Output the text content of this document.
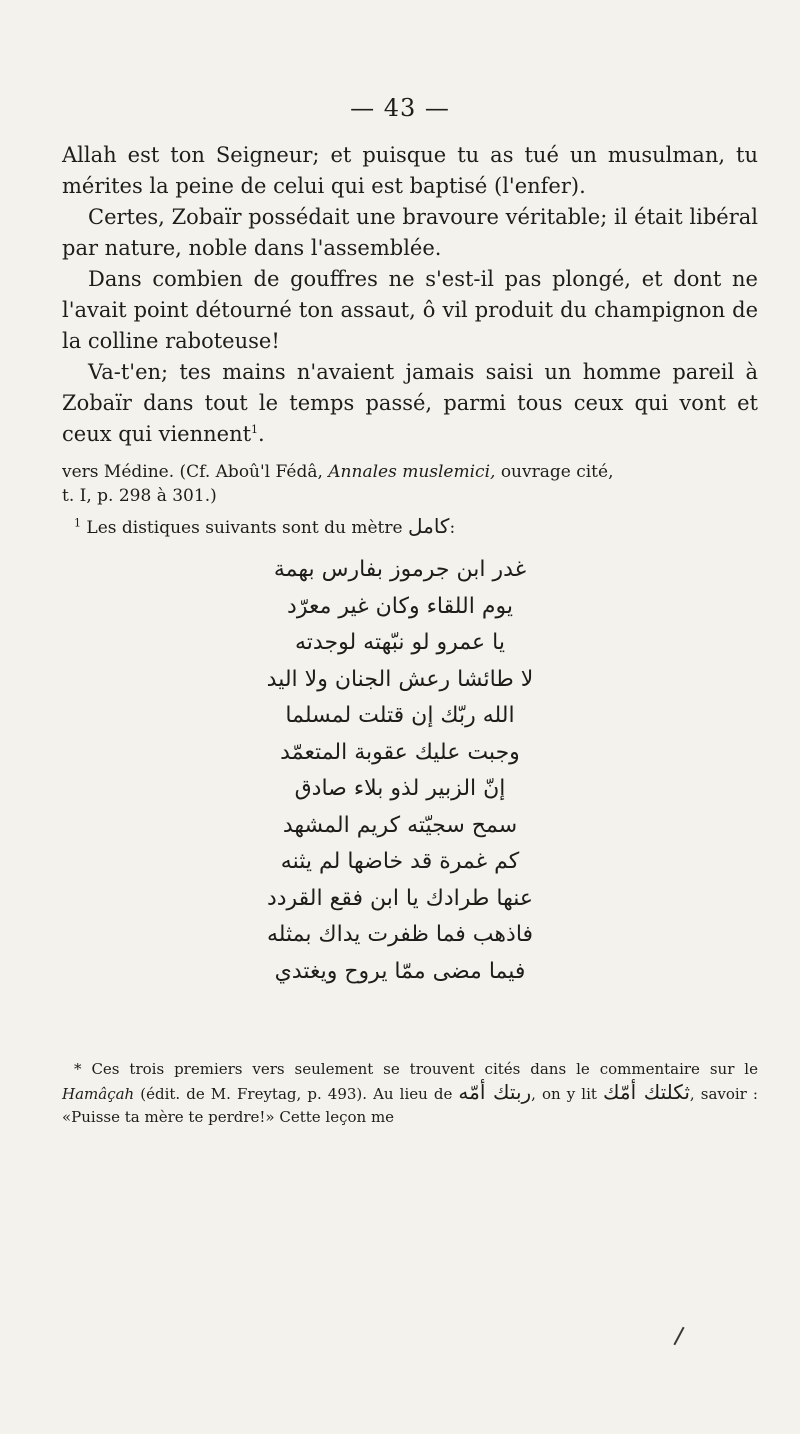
— 43 —

Allah est ton Seigneur; et puisque tu as tué un musulman, tu mérites la peine de celui qui est baptisé (l'enfer).

Certes, Zobaïr possédait une bravoure véritable; il était libéral par nature, noble dans l'assemblée.

Dans combien de gouffres ne s'est-il pas plongé, et dont ne l'avait point détourné ton assaut, ô vil produit du champignon de la colline raboteuse!

Va-t'en; tes mains n'avaient jamais saisi un homme pareil à Zobaïr dans tout le temps passé, parmi tous ceux qui vont et ceux qui viennent$^1$.

vers Médine. (Cf. Aboû'l Fédâ, Annales muslemici, ouvrage cité,

t. I, p. 298 à 301.)

$^1$ Les distiques suivants sont du mètre كامل:

غدر ابن جرموز بفارس بهمة
يوم اللقاء وكان غير معرّد
يا عمرو لو نبّهته لوجدته
لا طائشا رعش الجنان ولا اليد
الله ربّك إن قتلت لمسلما
وجبت عليك عقوبة المتعمّد
إنّ الزبير لذو بلاء صادق
سمح سجيّته كريم المشهد
كم غمرة قد خاضها لم يثنه
عنها طرادك يا ابن فقع القردد
فاذهب فما ظفرت يداك بمثله
فيما مضى ممّا يروح ويغتدي

* Ces trois premiers vers seulement se trouvent cités dans le commentaire sur le Hamâçah (édit. de M. Freytag, p. 493). Au lieu de ربتك أمّه, on y lit ثكلتك أمّك, savoir : «Puisse ta mère te perdre!» Cette leçon me
